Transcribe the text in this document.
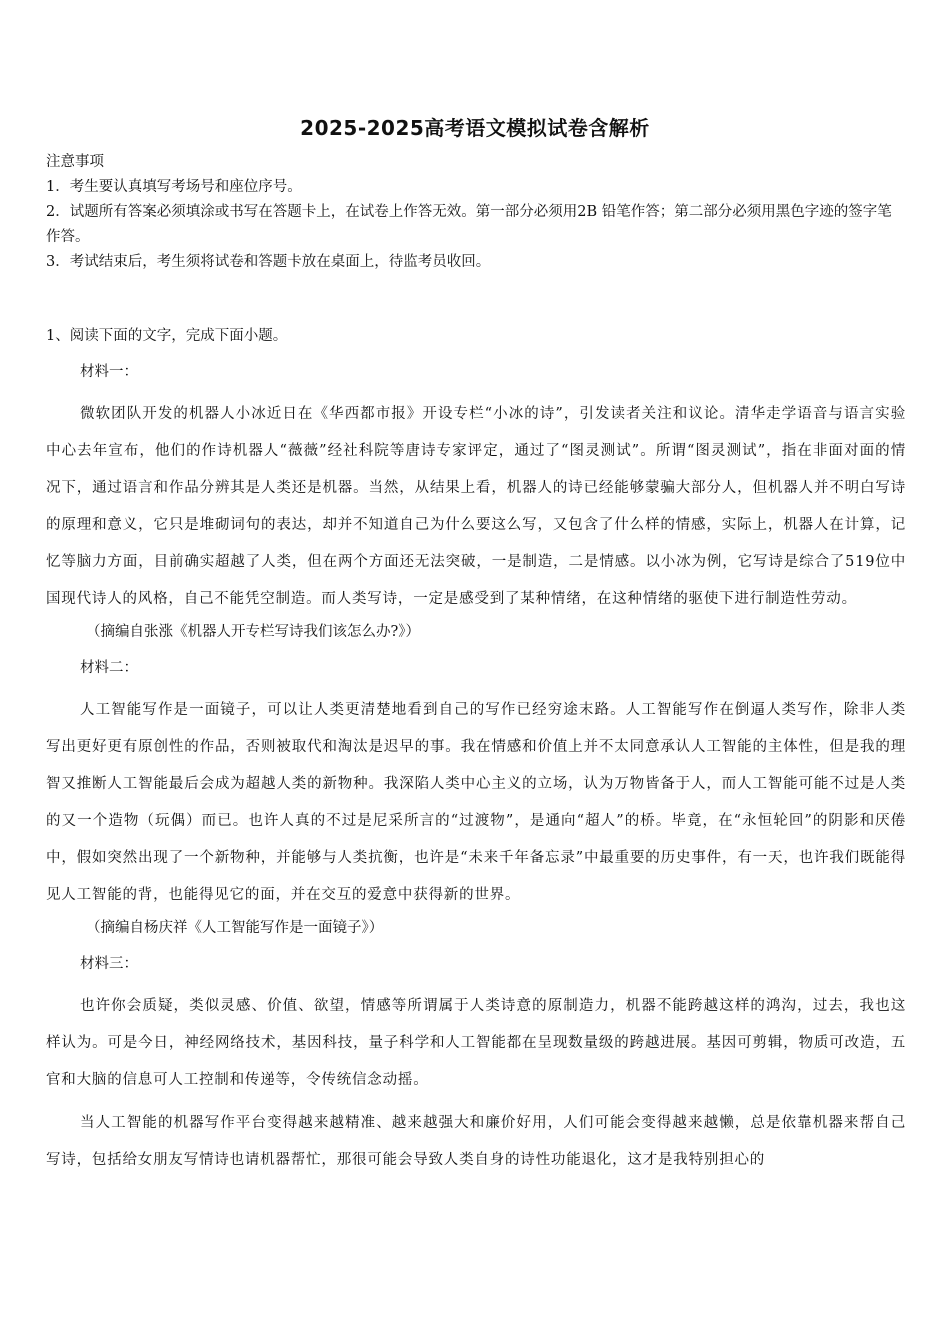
2025-2025高考语文模拟试卷含解析

注意事项

1．考生要认真填写考场号和座位序号。

2．试题所有答案必须填涂或书写在答题卡上，在试卷上作答无效。第一部分必须用2B 铅笔作答；第二部分必须用黑色字迹的签字笔作答。

3．考试结束后，考生须将试卷和答题卡放在桌面上，待监考员收回。

1、阅读下面的文字，完成下面小题。

材料一：

微软团队开发的机器人小冰近日在《华西都市报》开设专栏“小冰的诗”，引发读者关注和议论。清华走学语音与语言实验中心去年宣布，他们的作诗机器人“薇薇”经社科院等唐诗专家评定，通过了“图灵测试”。所谓“图灵测试”，指在非面对面的情况下，通过语言和作品分辨其是人类还是机器。当然，从结果上看，机器人的诗已经能够蒙骗大部分人，但机器人并不明白写诗的原理和意义，它只是堆砌词句的表达，却并不知道自己为什么要这么写，又包含了什么样的情感，实际上，机器人在计算，记忆等脑力方面，目前确实超越了人类，但在两个方面还无法突破，一是制造，二是情感。以小冰为例，它写诗是综合了519位中国现代诗人的风格，自己不能凭空制造。而人类写诗，一定是感受到了某种情绪，在这种情绪的驱使下进行制造性劳动。

（摘编自张涨《机器人开专栏写诗我们该怎么办?》）

材料二：

人工智能写作是一面镜子，可以让人类更清楚地看到自己的写作已经穷途末路。人工智能写作在倒逼人类写作，除非人类写出更好更有原创性的作品，否则被取代和淘汰是迟早的事。我在情感和价值上并不太同意承认人工智能的主体性，但是我的理智又推断人工智能最后会成为超越人类的新物种。我深陷人类中心主义的立场，认为万物皆备于人，而人工智能可能不过是人类的又一个造物（玩偶）而已。也许人真的不过是尼采所言的“过渡物”，是通向“超人”的桥。毕竟，在“永恒轮回”的阴影和厌倦中，假如突然出现了一个新物种，并能够与人类抗衡，也许是“未来千年备忘录”中最重要的历史事件，有一天，也许我们既能得见人工智能的背，也能得见它的面，并在交互的爱意中获得新的世界。

（摘编自杨庆祥《人工智能写作是一面镜子》）

材料三：

也许你会质疑，类似灵感、价值、欲望，情感等所谓属于人类诗意的原制造力，机器不能跨越这样的鸿沟，过去，我也这样认为。可是今日，神经网络技术，基因科技，量子科学和人工智能都在呈现数量级的跨越进展。基因可剪辑，物质可改造，五官和大脑的信息可人工控制和传递等，令传统信念动摇。

当人工智能的机器写作平台变得越来越精准、越来越强大和廉价好用，人们可能会变得越来越懒，总是依靠机器来帮自己写诗，包括给女朋友写情诗也请机器帮忙，那很可能会导致人类自身的诗性功能退化，这才是我特别担心的
